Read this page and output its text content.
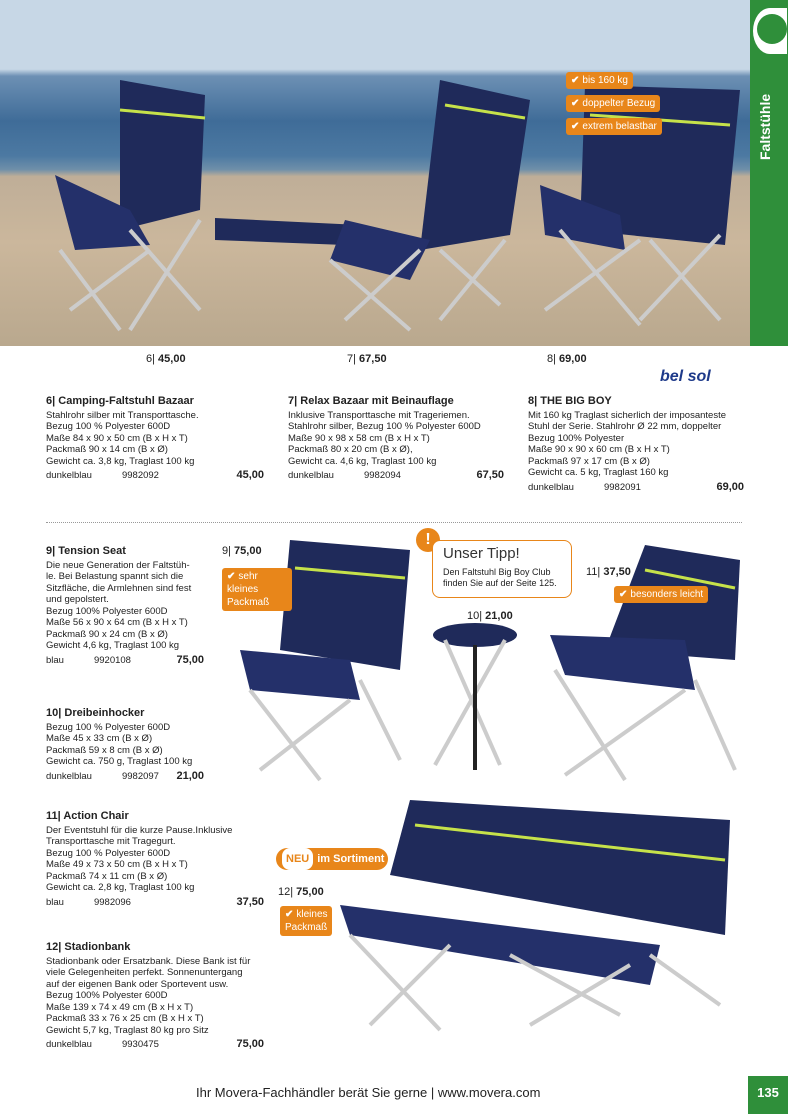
✔ bis 160 kg
✔ doppelter Bezug
✔ extrem belastbar	Faltstühle
6| 45,00	7| 67,50	8| 69,00
bel sol
6| Camping-Faltstuhl Bazaar
Stahlrohr silber mit Transporttasche.
Bezug 100 % Polyester 600D
Maße 84 x 90 x 50 cm (B x H x T)
Packmaß 90 x 14 cm (B x Ø)
Gewicht ca. 3,8 kg, Traglast 100 kg
dunkelblau	9982092	45,00
7| Relax Bazaar mit Beinauflage
Inklusive Transporttasche mit Trageriemen.
Stahlrohr silber, Bezug 100 % Polyester 600D
Maße 90 x 98 x 58 cm (B x H x T)
Packmaß 80 x 20 cm (B x Ø),
Gewicht ca. 4,6 kg, Traglast 100 kg
dunkelblau	9982094	67,50
8| THE BIG BOY
Mit 160 kg Traglast sicherlich der imposanteste
Stuhl der Serie. Stahlrohr Ø 22 mm, doppelter
Bezug 100% Polyester
Maße 90 x 90 x 60 cm (B x H x T)
Packmaß 97 x 17 cm (B x Ø)
Gewicht ca. 5 kg, Traglast 160 kg
dunkelblau	9982091	69,00
9| Tension Seat
Die neue Generation der Faltstüh-
le. Bei Belastung spannt sich die
Sitzfläche, die Armlehnen sind fest
und gepolstert.
Bezug 100% Polyester 600D
Maße 56 x 90 x 64 cm (B x H x T)
Packmaß 90 x 24 cm (B x Ø)
Gewicht 4,6 kg, Traglast 100 kg
blau	9920108	75,00
10| Dreibeinhocker
Bezug 100 % Polyester 600D
Maße 45 x 33 cm (B x Ø)
Packmaß 59 x 8 cm (B x Ø)
Gewicht ca. 750 g, Traglast 100 kg
dunkelblau	9982097 21,00
11| Action Chair
Der Eventstuhl für die kurze Pause.Inklusive
Transporttasche mit Tragegurt.
Bezug 100 % Polyester 600D
Maße 49 x 73 x 50 cm (B x H x T)
Packmaß 74 x 11 cm (B x Ø)
Gewicht ca. 2,8 kg, Traglast 100 kg
blau	9982096	37,50
12| Stadionbank
Stadionbank oder Ersatzbank. Diese Bank ist für
viele Gelegenheiten perfekt. Sonnenuntergang
auf der eigenen Bank oder Sportevent usw.
Bezug 100% Polyester 600D
Maße 139 x 74 x 49 cm (B x H x T)
Packmaß 33 x 76 x 25 cm (B x H x T)
Gewicht 5,7 kg, Traglast 80 kg pro Sitz
dunkelblau	9930475	75,00
9| 75,00
✔ sehr kleines Packmaß
10| 21,00
11| 37,50
✔ besonders leicht
!
Unser Tipp!
Den Faltstuhl Big Boy Club finden Sie auf der Seite 125.
NEU im Sortiment
12| 75,00
✔ kleines Packmaß
Ihr Movera-Fachhändler berät Sie gerne | www.movera.com	135
